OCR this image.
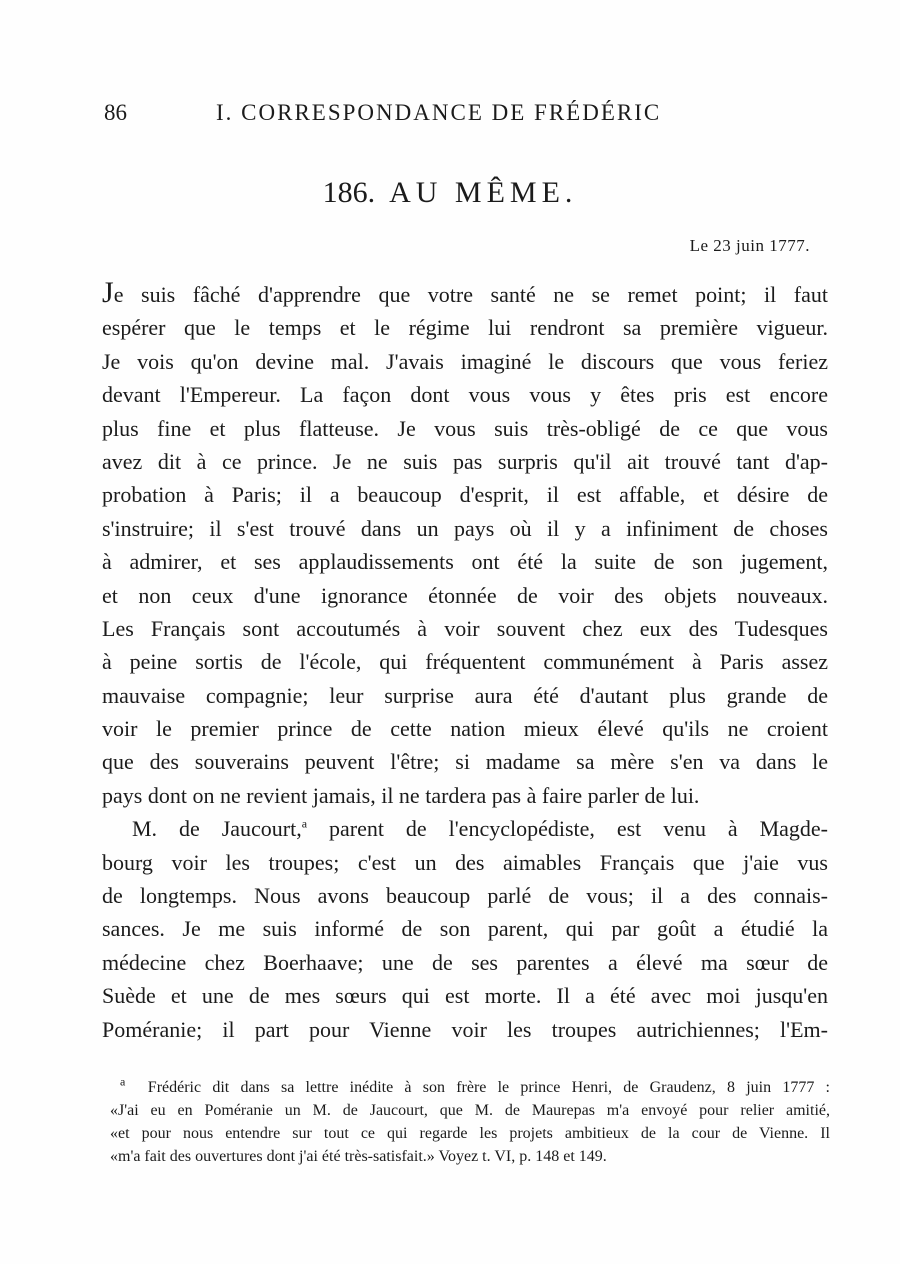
86	I. CORRESPONDANCE DE FRÉDÉRIC
186. AU MÊME.
Le 23 juin 1777.
Je suis fâché d'apprendre que votre santé ne se remet point; il faut
espérer que le temps et le régime lui rendront sa première vigueur.
Je vois qu'on devine mal. J'avais imaginé le discours que vous feriez
devant l'Empereur. La façon dont vous vous y êtes pris est encore
plus fine et plus flatteuse. Je vous suis très-obligé de ce que vous
avez dit à ce prince. Je ne suis pas surpris qu'il ait trouvé tant d'ap-
probation à Paris; il a beaucoup d'esprit, il est affable, et désire de
s'instruire; il s'est trouvé dans un pays où il y a infiniment de choses
à admirer, et ses applaudissements ont été la suite de son jugement,
et non ceux d'une ignorance étonnée de voir des objets nouveaux.
Les Français sont accoutumés à voir souvent chez eux des Tudesques
à peine sortis de l'école, qui fréquentent communément à Paris assez
mauvaise compagnie; leur surprise aura été d'autant plus grande de
voir le premier prince de cette nation mieux élevé qu'ils ne croient
que des souverains peuvent l'être; si madame sa mère s'en va dans le
pays dont on ne revient jamais, il ne tardera pas à faire parler de lui.
M. de Jaucourt,$^a$ parent de l'encyclopédiste, est venu à Magde-
bourg voir les troupes; c'est un des aimables Français que j'aie vus
de longtemps. Nous avons beaucoup parlé de vous; il a des connais-
sances. Je me suis informé de son parent, qui par goût a étudié la
médecine chez Boerhaave; une de ses parentes a élevé ma sœur de
Suède et une de mes sœurs qui est morte. Il a été avec moi jusqu'en
Poméranie; il part pour Vienne voir les troupes autrichiennes; l'Em-
$^a$ Frédéric dit dans sa lettre inédite à son frère le prince Henri, de Graudenz, 8 juin 1777 :
«J'ai eu en Poméranie un M. de Jaucourt, que M. de Maurepas m'a envoyé pour relier amitié,
«et pour nous entendre sur tout ce qui regarde les projets ambitieux de la cour de Vienne. Il
«m'a fait des ouvertures dont j'ai été très-satisfait.» Voyez t. VI, p. 148 et 149.
